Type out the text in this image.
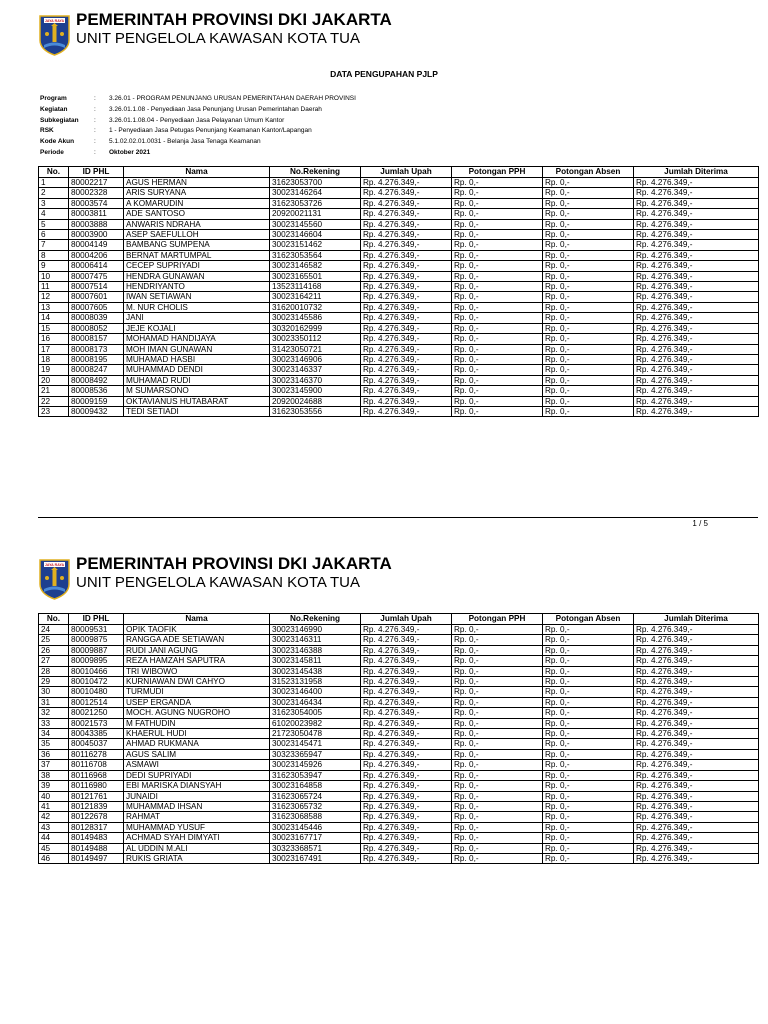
JAYA RAYA PEMERINTAH PROVINSI DKI JAKARTA
UNIT PENGELOLA KAWASAN KOTA TUA
DATA PENGUPAHAN PJLP
Program	: 3.26.01 - PROGRAM PENUNJANG URUSAN PEMERINTAHAN DAERAH PROVINSI
Kegiatan	: 3.26.01.1.08 - Penyediaan Jasa Penunjang Urusan Pemerintahan Daerah
Subkegiatan : 3.26.01.1.08.04 - Penyediaan Jasa Pelayanan Umum Kantor
RSK	: 1 - Penyediaan Jasa Petugas Penunjang Keamanan Kantor/Lapangan
Kode Akun	: 5.1.02.02.01.0031 - Belanja Jasa Tenaga Keamanan
Periode	: Oktober 2021
No.	ID PHL	Nama	No.Rekening	Jumlah Upah	Potongan PPH	Potongan Absen	Jumlah Diterima
1	80002217	AGUS HERMAN	31623053700	Rp. 4.276.349,-	Rp. 0,-	Rp. 0,-	Rp. 4.276.349,-
2	80002328	ARIS SURYANA	30023146264	Rp. 4.276.349,-	Rp. 0,-	Rp. 0,-	Rp. 4.276.349,-
3	80003574	A KOMARUDIN	31623053726	Rp. 4.276.349,-	Rp. 0,-	Rp. 0,-	Rp. 4.276.349,-
4	80003811	ADE SANTOSO	20920021131	Rp. 4.276.349,-	Rp. 0,-	Rp. 0,-	Rp. 4.276.349,-
5	80003888	ANWARIS NDRAHA	30023145560	Rp. 4.276.349,-	Rp. 0,-	Rp. 0,-	Rp. 4.276.349,-
6	80003900	ASEP SAEFULLOH	30023146604	Rp. 4.276.349,-	Rp. 0,-	Rp. 0,-	Rp. 4.276.349,-
7	80004149	BAMBANG SUMPENA	30023151462	Rp. 4.276.349,-	Rp. 0,-	Rp. 0,-	Rp. 4.276.349,-
8	80004206	BERNAT MARTUMPAL	31623053564	Rp. 4.276.349,-	Rp. 0,-	Rp. 0,-	Rp. 4.276.349,-
9	80006414	CECEP SUPRIYADI	30023146582	Rp. 4.276.349,-	Rp. 0,-	Rp. 0,-	Rp. 4.276.349,-
10	80007475	HENDRA GUNAWAN	30023165501	Rp. 4.276.349,-	Rp. 0,-	Rp. 0,-	Rp. 4.276.349,-
11	80007514	HENDRIYANTO	13523114168	Rp. 4.276.349,-	Rp. 0,-	Rp. 0,-	Rp. 4.276.349,-
12	80007601	IWAN SETIAWAN	30023164211	Rp. 4.276.349,-	Rp. 0,-	Rp. 0,-	Rp. 4.276.349,-
13	80007605	M. NUR CHOLIS	31620010732	Rp. 4.276.349,-	Rp. 0,-	Rp. 0,-	Rp. 4.276.349,-
14	80008039	JANI	30023145586	Rp. 4.276.349,-	Rp. 0,-	Rp. 0,-	Rp. 4.276.349,-
15	80008052	JEJE KOJALI	30320162999	Rp. 4.276.349,-	Rp. 0,-	Rp. 0,-	Rp. 4.276.349,-
16	80008157	MOHAMAD HANDIJAYA	30023350112	Rp. 4.276.349,-	Rp. 0,-	Rp. 0,-	Rp. 4.276.349,-
17	80008173	MOH IMAN GUNAWAN	31423050721	Rp. 4.276.349,-	Rp. 0,-	Rp. 0,-	Rp. 4.276.349,-
18	80008195	MUHAMAD HASBI	30023146906	Rp. 4.276.349,-	Rp. 0,-	Rp. 0,-	Rp. 4.276.349,-
19	80008247	MUHAMMAD DENDI	30023146337	Rp. 4.276.349,-	Rp. 0,-	Rp. 0,-	Rp. 4.276.349,-
20	80008492	MUHAMAD RUDI	30023146370	Rp. 4.276.349,-	Rp. 0,-	Rp. 0,-	Rp. 4.276.349,-
21	80008536	M SUMARSONO	30023145900	Rp. 4.276.349,-	Rp. 0,-	Rp. 0,-	Rp. 4.276.349,-
22	80009159	OKTAVIANUS HUTABARAT	20920024688	Rp. 4.276.349,-	Rp. 0,-	Rp. 0,-	Rp. 4.276.349,-
23	80009432	TEDI SETIADI	31623053556	Rp. 4.276.349,-	Rp. 0,-	Rp. 0,-	Rp. 4.276.349,-
1 / 5
JAYA RAYA PEMERINTAH PROVINSI DKI JAKARTA
UNIT PENGELOLA KAWASAN KOTA TUA
No.	ID PHL	Nama	No.Rekening	Jumlah Upah	Potongan PPH	Potongan Absen	Jumlah Diterima
24	80009531	OPIK TAOFIK	30023146990	Rp. 4.276.349,-	Rp. 0,-	Rp. 0,-	Rp. 4.276.349,-
25	80009875	RANGGA ADE SETIAWAN	30023146311	Rp. 4.276.349,-	Rp. 0,-	Rp. 0,-	Rp. 4.276.349,-
26	80009887	RUDI JANI AGUNG	30023146388	Rp. 4.276.349,-	Rp. 0,-	Rp. 0,-	Rp. 4.276.349,-
27	80009895	REZA HAMZAH SAPUTRA	30023145811	Rp. 4.276.349,-	Rp. 0,-	Rp. 0,-	Rp. 4.276.349,-
28	80010466	TRI WIBOWO	30023145438	Rp. 4.276.349,-	Rp. 0,-	Rp. 0,-	Rp. 4.276.349,-
29	80010472	KURNIAWAN DWI CAHYO	31523131958	Rp. 4.276.349,-	Rp. 0,-	Rp. 0,-	Rp. 4.276.349,-
30	80010480	TURMUDI	30023146400	Rp. 4.276.349,-	Rp. 0,-	Rp. 0,-	Rp. 4.276.349,-
31	80012514	USEP ERGANDA	30023146434	Rp. 4.276.349,-	Rp. 0,-	Rp. 0,-	Rp. 4.276.349,-
32	80021250	MOCH. AGUNG NUGROHO	31623054005	Rp. 4.276.349,-	Rp. 0,-	Rp. 0,-	Rp. 4.276.349,-
33	80021573	M FATHUDIN	61020023982	Rp. 4.276.349,-	Rp. 0,-	Rp. 0,-	Rp. 4.276.349,-
34	80043385	KHAERUL HUDI	21723050478	Rp. 4.276.349,-	Rp. 0,-	Rp. 0,-	Rp. 4.276.349,-
35	80045037	AHMAD RUKMANA	30023145471	Rp. 4.276.349,-	Rp. 0,-	Rp. 0,-	Rp. 4.276.349,-
36	80116278	AGUS SALIM	30323365947	Rp. 4.276.349,-	Rp. 0,-	Rp. 0,-	Rp. 4.276.349,-
37	80116708	ASMAWI	30023145926	Rp. 4.276.349,-	Rp. 0,-	Rp. 0,-	Rp. 4.276.349,-
38	80116968	DEDI SUPRIYADI	31623053947	Rp. 4.276.349,-	Rp. 0,-	Rp. 0,-	Rp. 4.276.349,-
39	80116980	EBI MARISKA DIANSYAH	30023164858	Rp. 4.276.349,-	Rp. 0,-	Rp. 0,-	Rp. 4.276.349,-
40	80121761	JUNAIDI	31623065724	Rp. 4.276.349,-	Rp. 0,-	Rp. 0,-	Rp. 4.276.349,-
41	80121839	MUHAMMAD IHSAN	31623065732	Rp. 4.276.349,-	Rp. 0,-	Rp. 0,-	Rp. 4.276.349,-
42	80122678	RAHMAT	31623068588	Rp. 4.276.349,-	Rp. 0,-	Rp. 0,-	Rp. 4.276.349,-
43	80128317	MUHAMMAD YUSUF	30023145446	Rp. 4.276.349,-	Rp. 0,-	Rp. 0,-	Rp. 4.276.349,-
44	80149483	ACHMAD SYAH DIMYATI	30023167717	Rp. 4.276.349,-	Rp. 0,-	Rp. 0,-	Rp. 4.276.349,-
45	80149488	AL UDDIN M.ALI	30323368571	Rp. 4.276.349,-	Rp. 0,-	Rp. 0,-	Rp. 4.276.349,-
46	80149497	RUKIS GRIATA	30023167491	Rp. 4.276.349,-	Rp. 0,-	Rp. 0,-	Rp. 4.276.349,-
